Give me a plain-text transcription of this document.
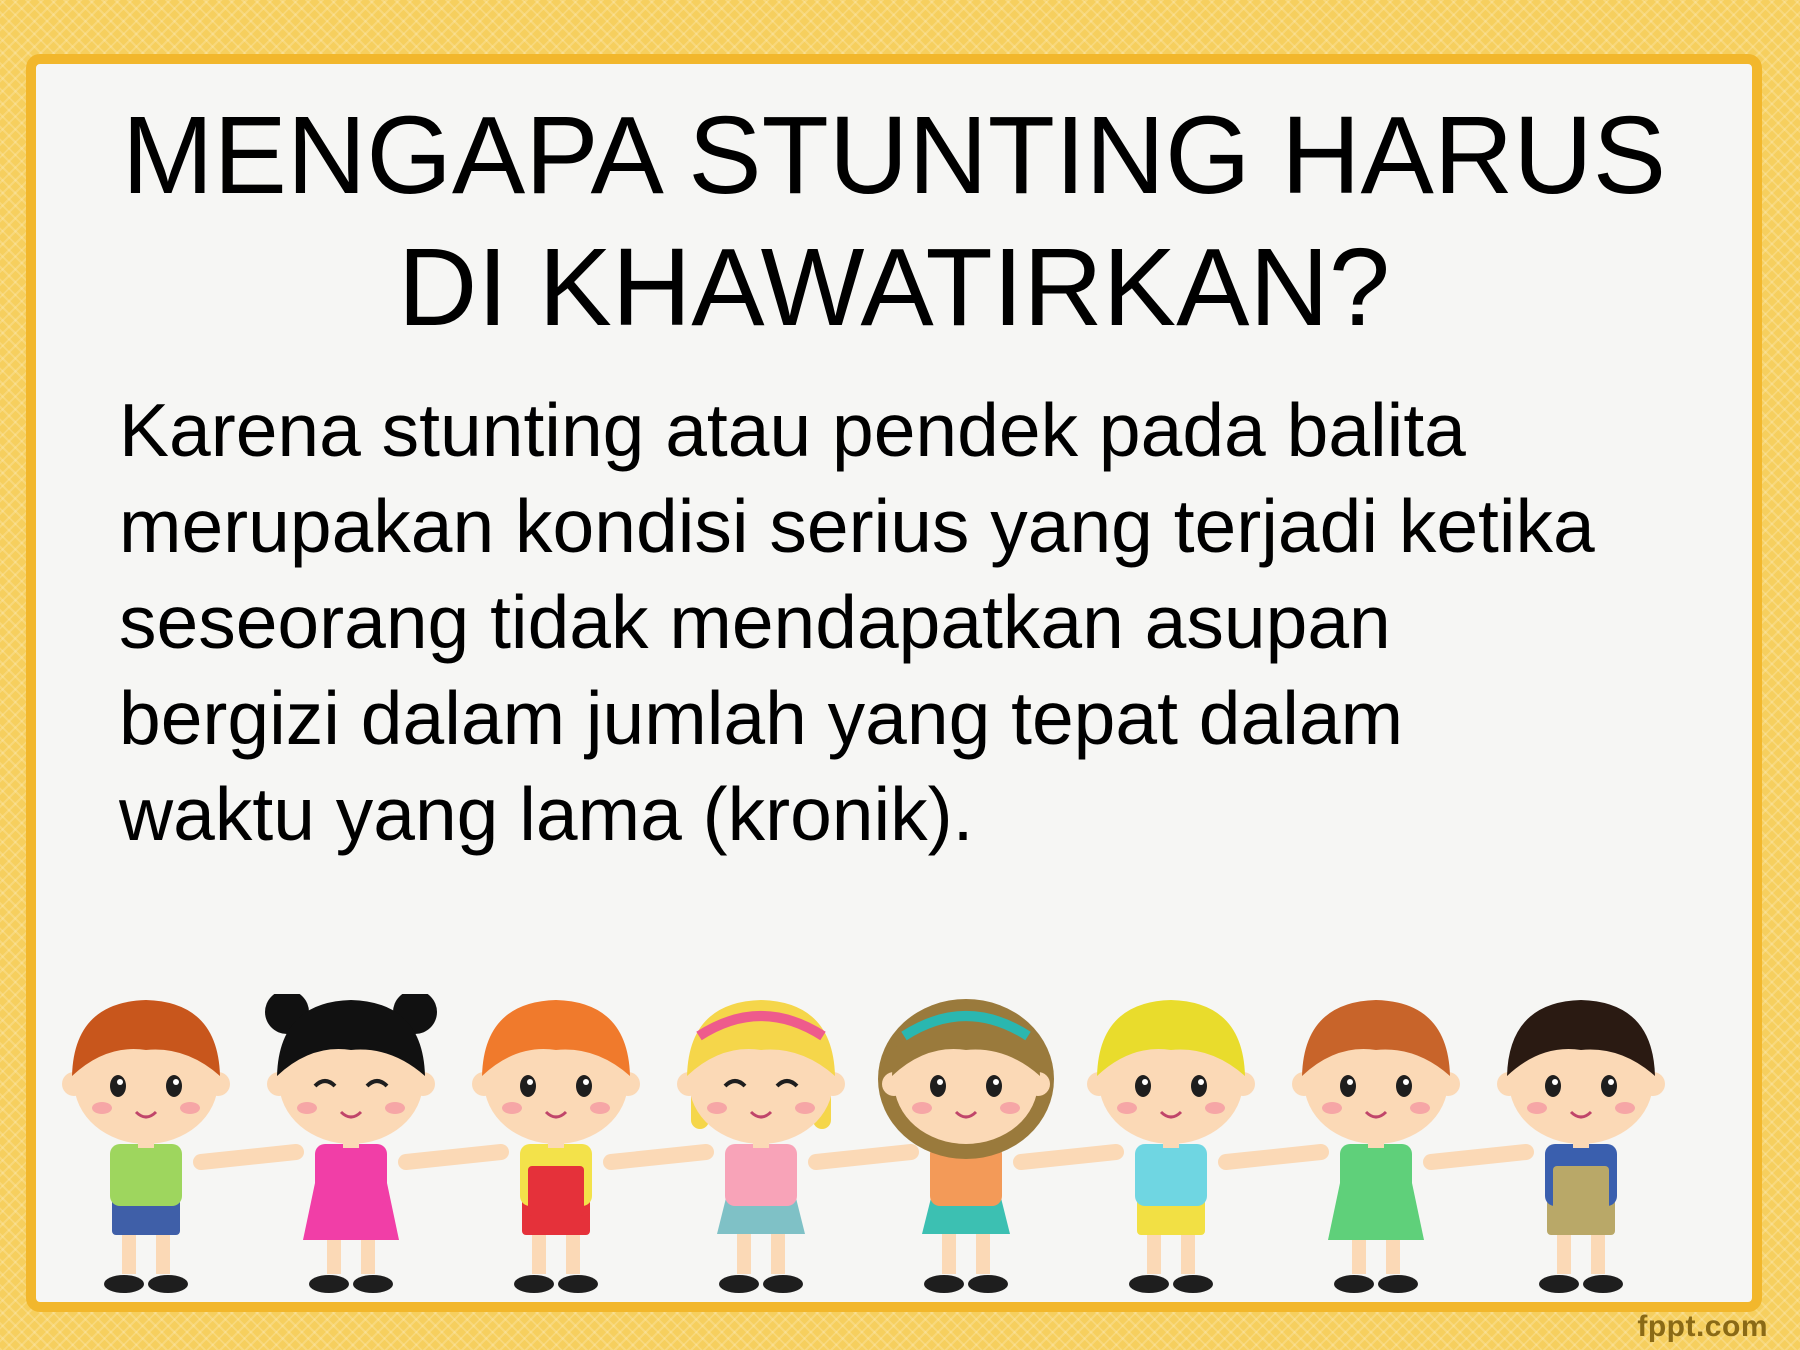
MENGAPA STUNTING HARUS
DI KHAWATIRKAN?

Karena stunting atau pendek pada balita
merupakan kondisi serius yang terjadi ketika
seseorang tidak mendapatkan asupan
bergizi dalam jumlah yang tepat dalam
waktu yang lama (kronik).

fppt.com
